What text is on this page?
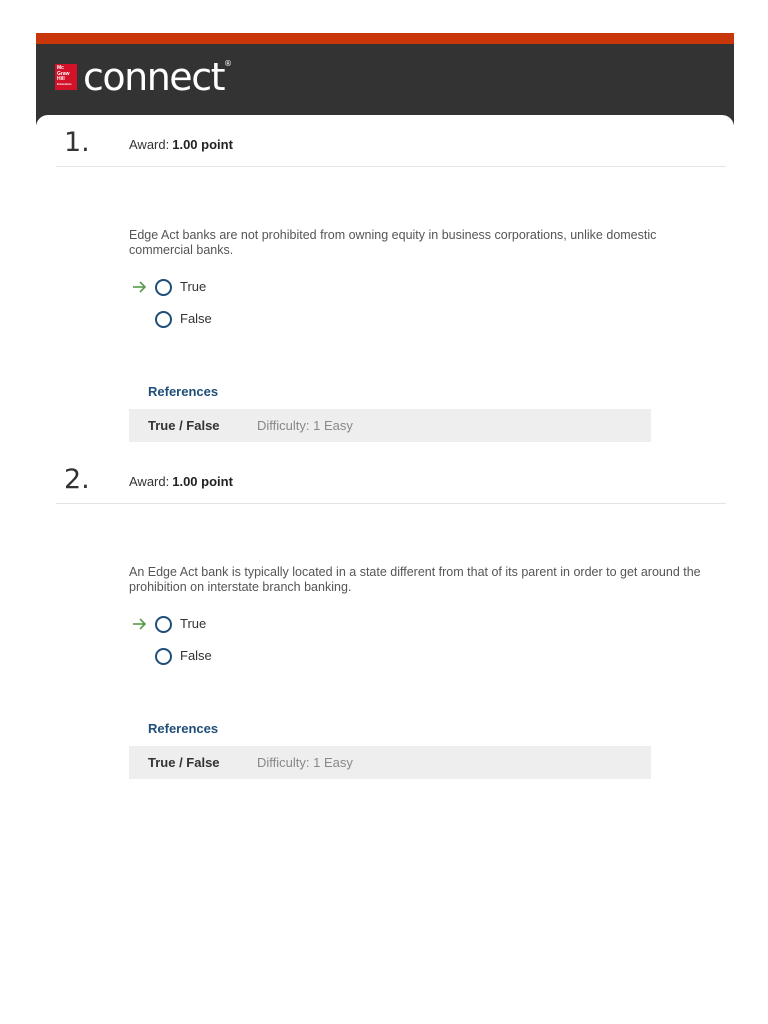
Mc
Graw
Hill
Education connect®
1.	Award: 1.00 point
Edge Act banks are not prohibited from owning equity in business corporations, unlike domestic commercial banks.
True
False
References
True / False	Difficulty: 1 Easy
2.	Award: 1.00 point
An Edge Act bank is typically located in a state different from that of its parent in order to get around the prohibition on interstate branch banking.
True
False
References
True / False	Difficulty: 1 Easy
